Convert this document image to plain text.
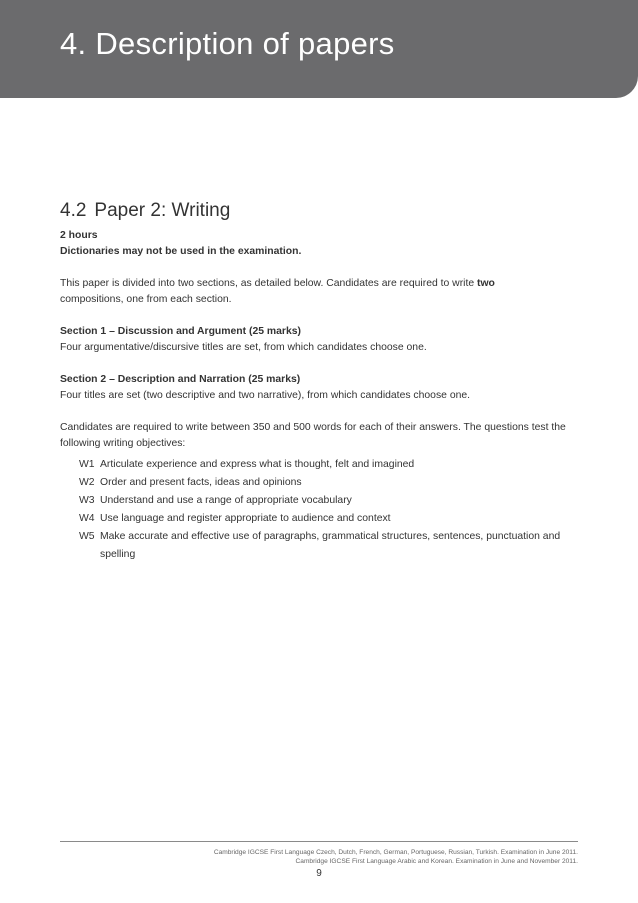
4. Description of papers
4.2 Paper 2: Writing

2 hours

Dictionaries may not be used in the examination.

This paper is divided into two sections, as detailed below. Candidates are required to write two
compositions, one from each section.

Section 1 – Discussion and Argument (25 marks)

Four argumentative/discursive titles are set, from which candidates choose one.

Section 2 – Description and Narration (25 marks)

Four titles are set (two descriptive and two narrative), from which candidates choose one.

Candidates are required to write between 350 and 500 words for each of their answers. The questions test the following writing objectives:

W1 Articulate experience and express what is thought, felt and imagined
W2 Order and present facts, ideas and opinions
W3 Understand and use a range of appropriate vocabulary
W4 Use language and register appropriate to audience and context
W5 Make accurate and effective use of paragraphs, grammatical structures, sentences, punctuation and spelling
Cambridge IGCSE First Language Czech, Dutch, French, German, Portuguese, Russian, Turkish. Examination in June 2011.
Cambridge IGCSE First Language Arabic and Korean. Examination in June and November 2011.
9
